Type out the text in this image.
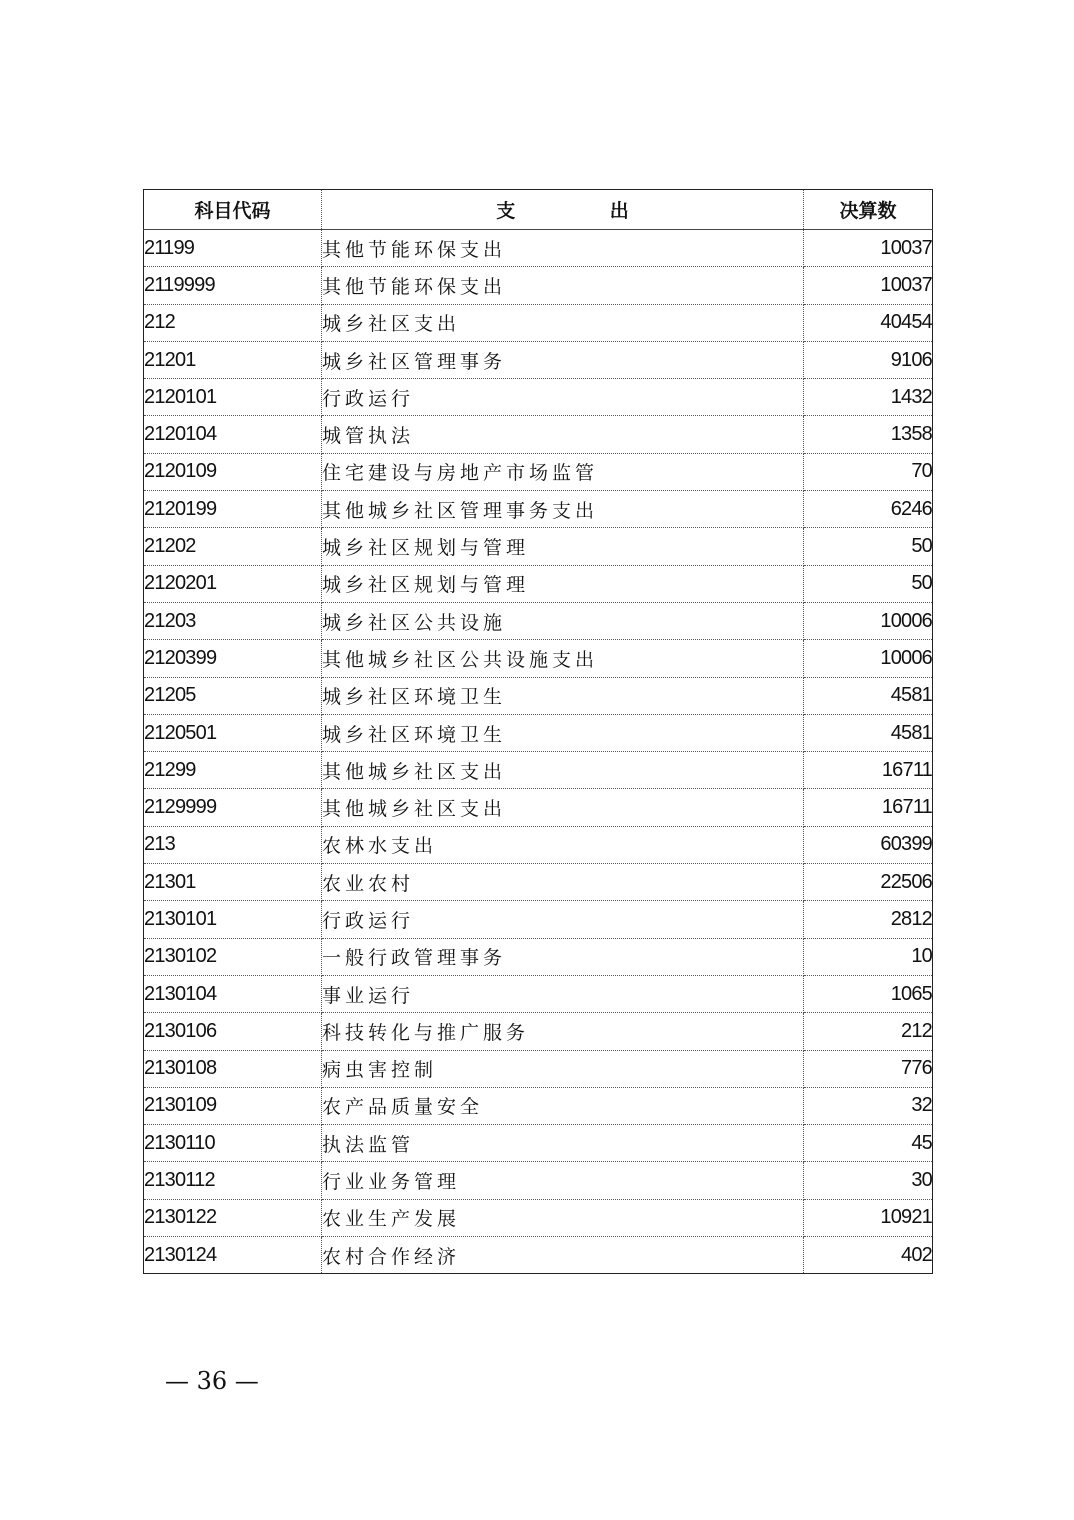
科目代码	支 出	决算数
21199	其他节能环保支出	10037
2119999	其他节能环保支出	10037
212	城乡社区支出	40454
21201	城乡社区管理事务	9106
2120101	行政运行	1432
2120104	城管执法	1358
2120109	住宅建设与房地产市场监管	70
2120199	其他城乡社区管理事务支出	6246
21202	城乡社区规划与管理	50
2120201	城乡社区规划与管理	50
21203	城乡社区公共设施	10006
2120399	其他城乡社区公共设施支出	10006
21205	城乡社区环境卫生	4581
2120501	城乡社区环境卫生	4581
21299	其他城乡社区支出	16711
2129999	其他城乡社区支出	16711
213	农林水支出	60399
21301	农业农村	22506
2130101	行政运行	2812
2130102	一般行政管理事务	10
2130104	事业运行	1065
2130106	科技转化与推广服务	212
2130108	病虫害控制	776
2130109	农产品质量安全	32
2130110	执法监管	45
2130112	行业业务管理	30
2130122	农业生产发展	10921
2130124	农村合作经济	402
— 36 —
